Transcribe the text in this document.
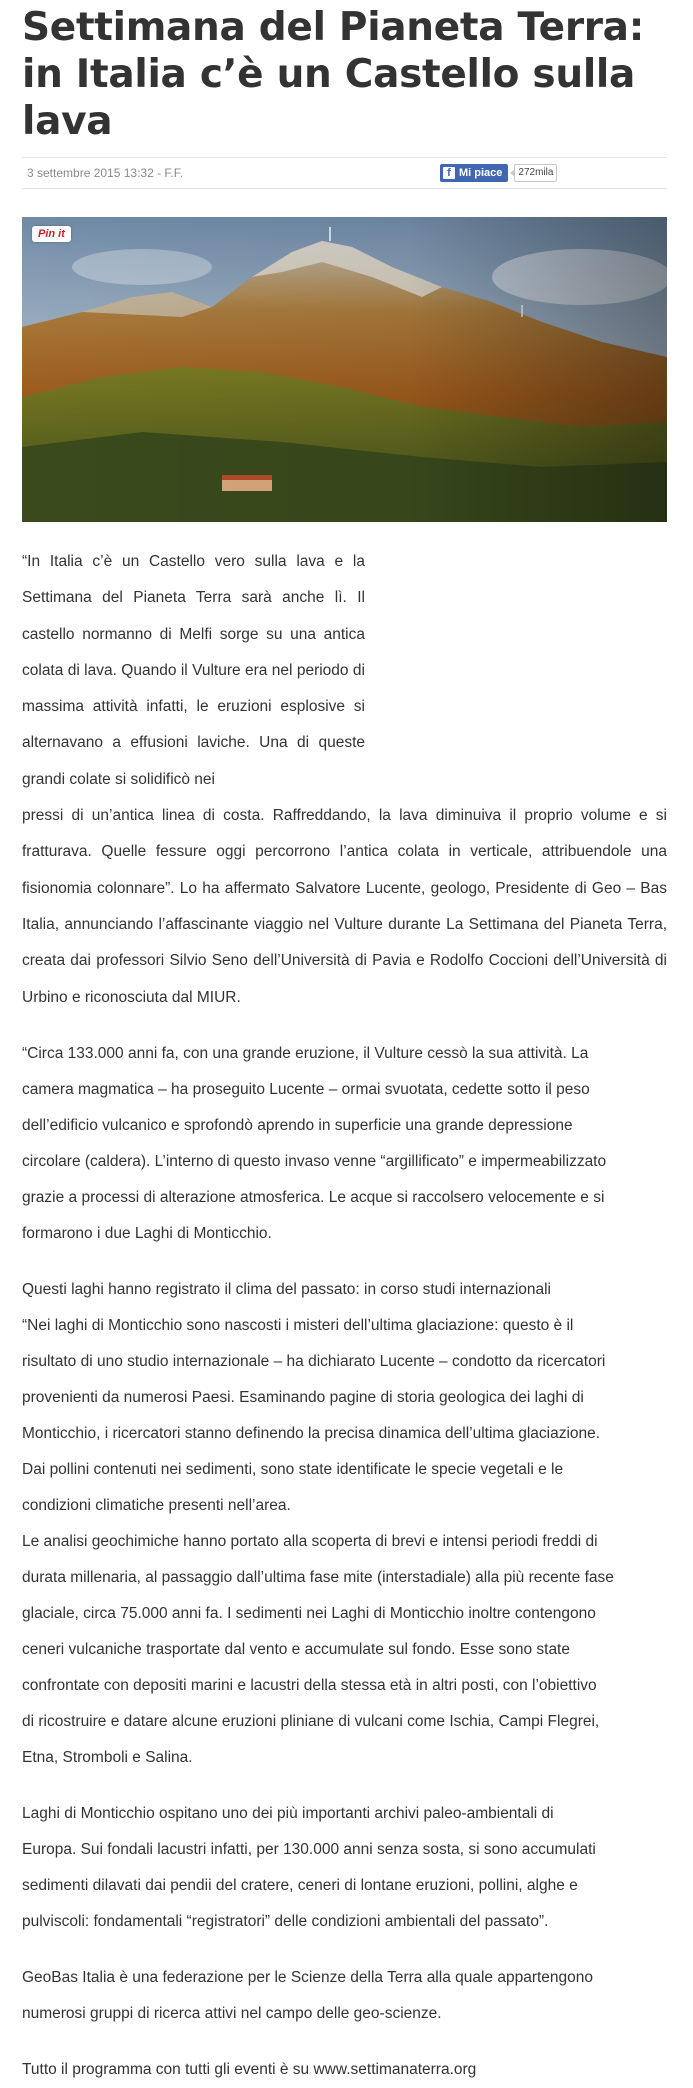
Settimana del Pianeta Terra: in Italia c’è un Castello sulla lava
3 settembre 2015 13:32 - F.F.	f Mi piace	272mila
Pin it
“In Italia c’è un Castello vero sulla lava e la Settimana del Pianeta Terra sarà anche lì. Il castello normanno di Melfi sorge su una antica colata di lava. Quando il Vulture era nel periodo di massima attività infatti, le eruzioni esplosive si alternavano a effusioni laviche. Una di queste grandi colate si solidificò nei
pressi di un’antica linea di costa. Raffreddando, la lava diminuiva il proprio volume e si fratturava. Quelle fessure oggi percorrono l’antica colata in verticale, attribuendole una fisionomia colonnare”. Lo ha affermato Salvatore Lucente, geologo, Presidente di Geo – Bas Italia, annunciando l’affascinante viaggio nel Vulture durante La Settimana del Pianeta Terra, creata dai professori Silvio Seno dell’Università di Pavia e Rodolfo Coccioni dell’Università di Urbino e riconosciuta dal MIUR.
“Circa 133.000 anni fa, con una grande eruzione, il Vulture cessò la sua attività. La
camera magmatica – ha proseguito Lucente – ormai svuotata, cedette sotto il peso
dell’edificio vulcanico e sprofondò aprendo in superficie una grande depressione
circolare (caldera). L’interno di questo invaso venne “argillificato” e impermeabilizzato
grazie a processi di alterazione atmosferica. Le acque si raccolsero velocemente e si
formarono i due Laghi di Monticchio.
Questi laghi hanno registrato il clima del passato: in corso studi internazionali
“Nei laghi di Monticchio sono nascosti i misteri dell’ultima glaciazione: questo è il
risultato di uno studio internazionale – ha dichiarato Lucente – condotto da ricercatori
provenienti da numerosi Paesi. Esaminando pagine di storia geologica dei laghi di
Monticchio, i ricercatori stanno definendo la precisa dinamica dell’ultima glaciazione.
Dai pollini contenuti nei sedimenti, sono state identificate le specie vegetali e le
condizioni climatiche presenti nell’area.
Le analisi geochimiche hanno portato alla scoperta di brevi e intensi periodi freddi di
durata millenaria, al passaggio dall’ultima fase mite (interstadiale) alla più recente fase
glaciale, circa 75.000 anni fa. I sedimenti nei Laghi di Monticchio inoltre contengono
ceneri vulcaniche trasportate dal vento e accumulate sul fondo. Esse sono state
confrontate con depositi marini e lacustri della stessa età in altri posti, con l’obiettivo
di ricostruire e datare alcune eruzioni pliniane di vulcani come Ischia, Campi Flegrei,
Etna, Stromboli e Salina.
Laghi di Monticchio ospitano uno dei più importanti archivi paleo-ambientali di
Europa. Sui fondali lacustri infatti, per 130.000 anni senza sosta, si sono accumulati
sedimenti dilavati dai pendii del cratere, ceneri di lontane eruzioni, pollini, alghe e
pulviscoli: fondamentali “registratori” delle condizioni ambientali del passato”.
GeoBas Italia è una federazione per le Scienze della Terra alla quale appartengono
numerosi gruppi di ricerca attivi nel campo delle geo-scienze.
Tutto il programma con tutti gli eventi è su www.settimanaterra.org
